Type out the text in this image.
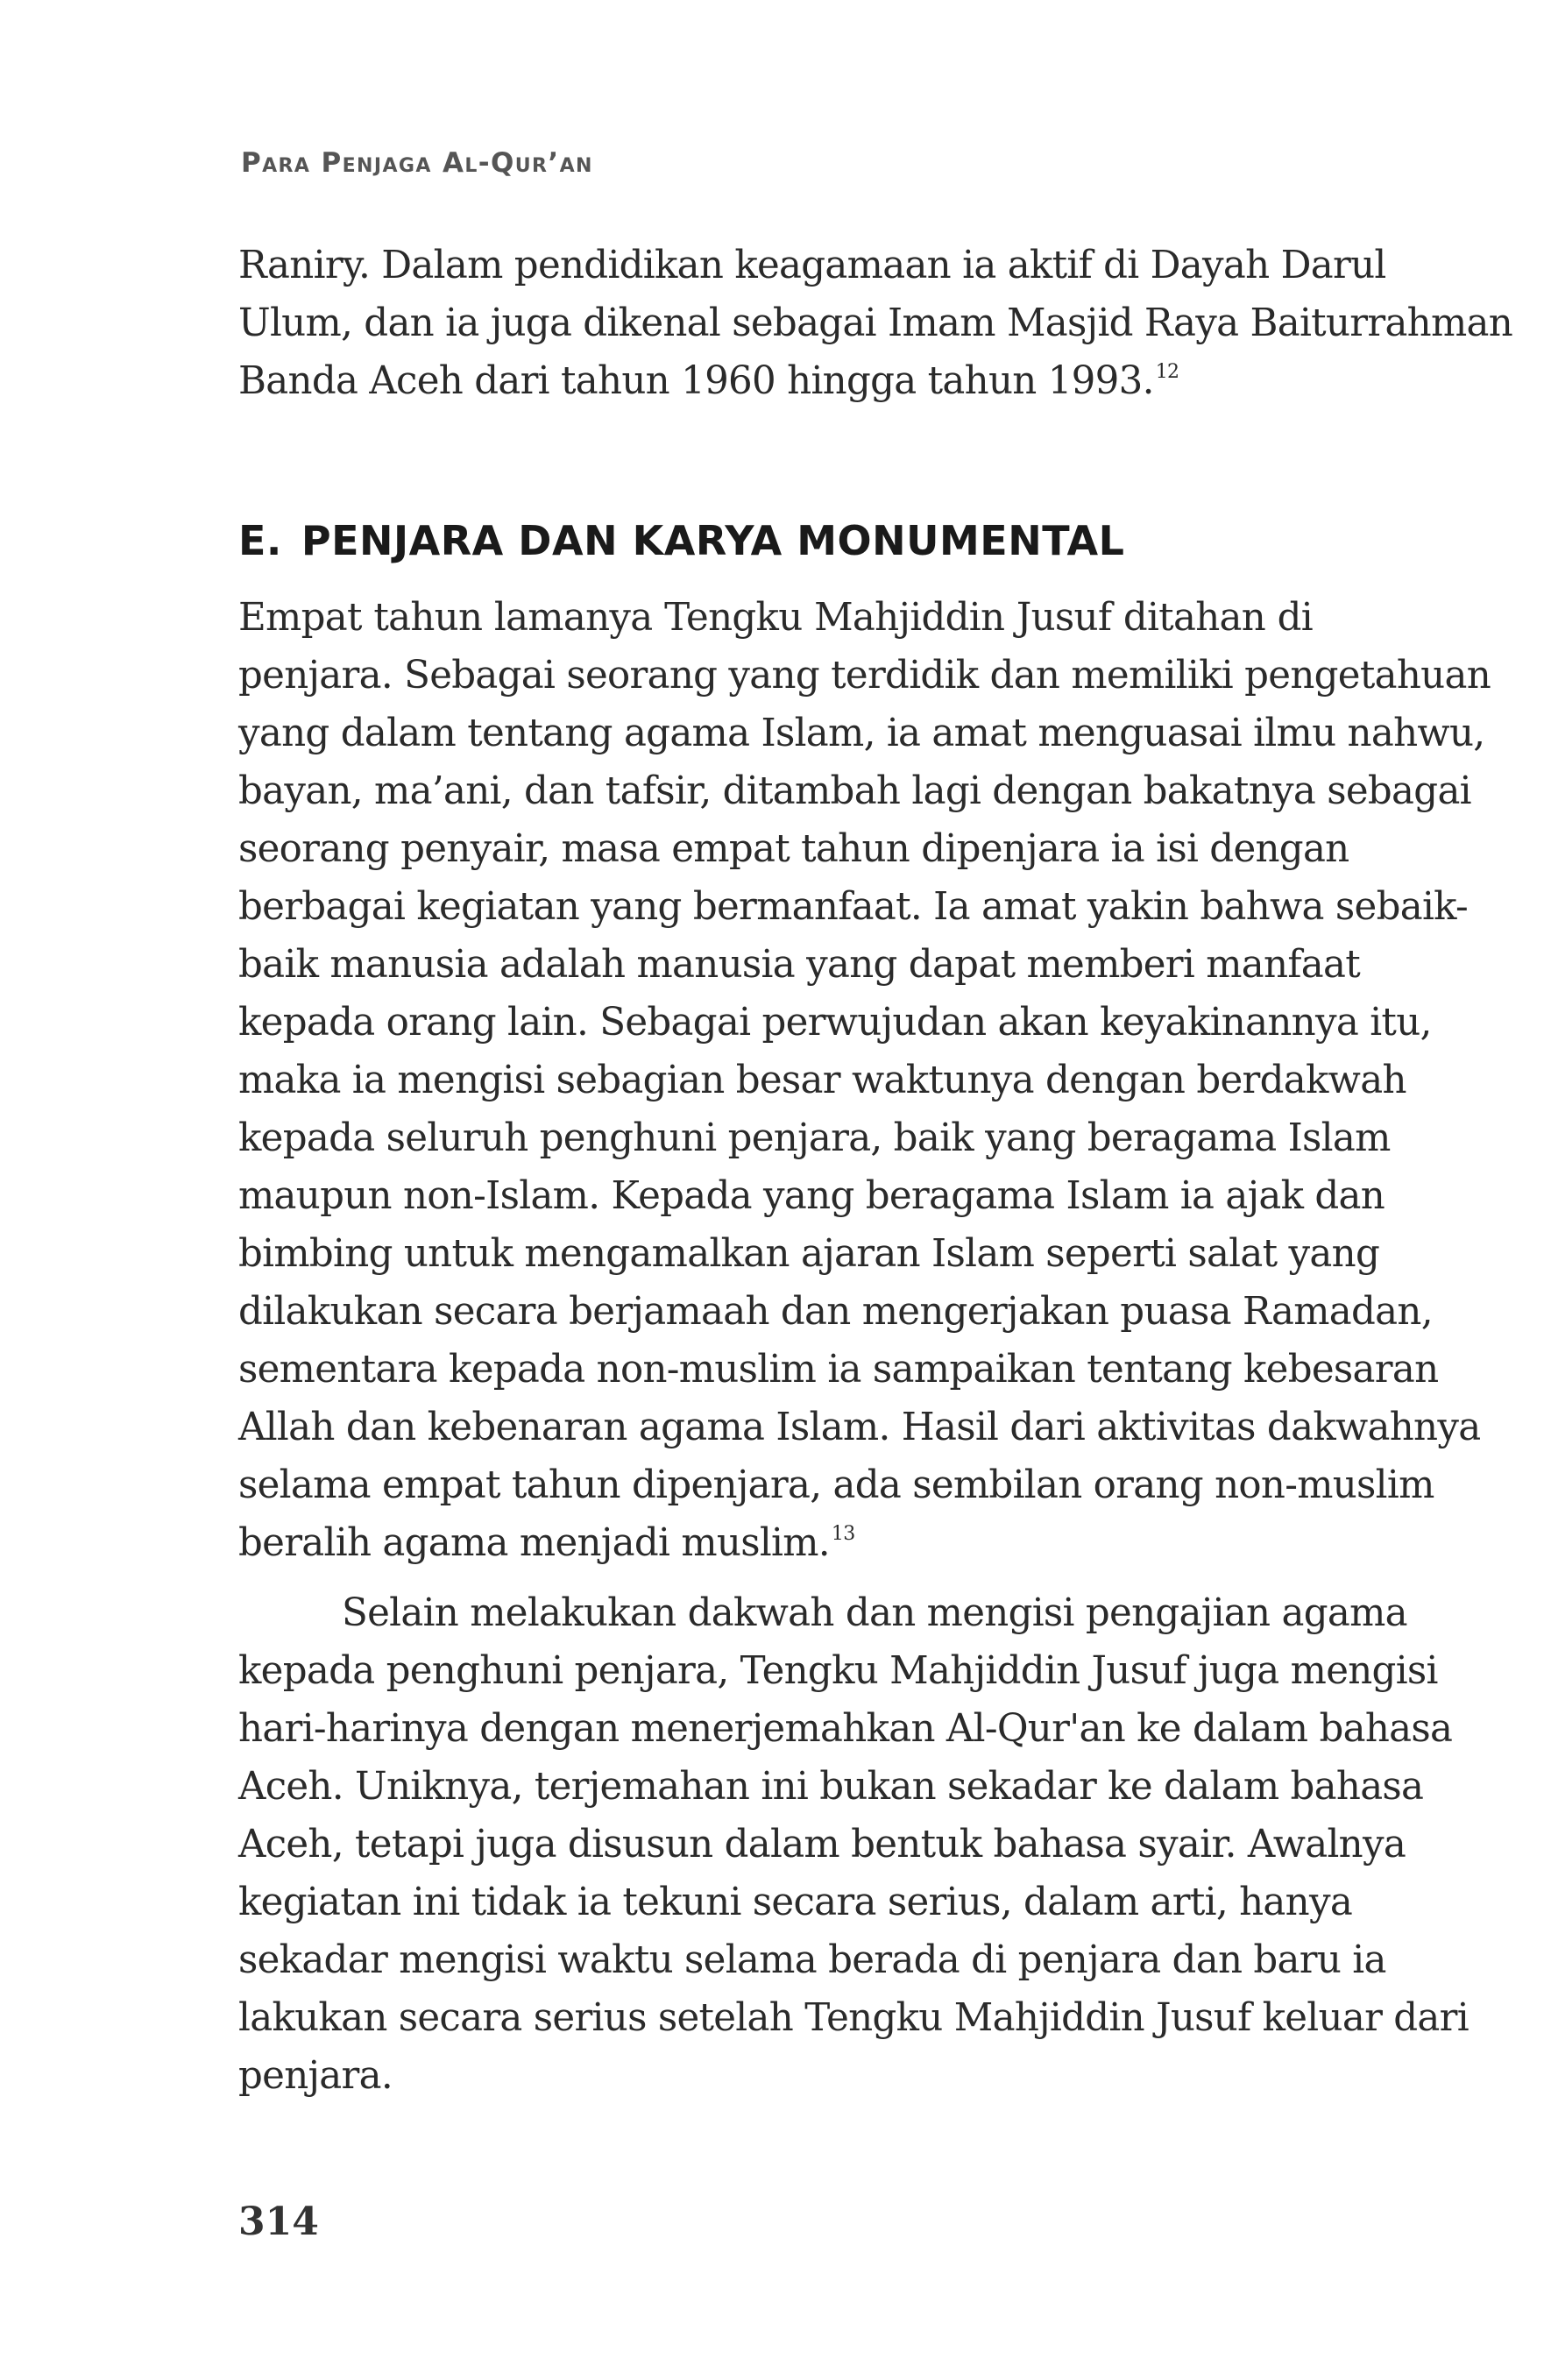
Para Penjaga Al-Qur’an
Raniry. Dalam pendidikan keagamaan ia aktif di Dayah Darul
Ulum, dan ia juga dikenal sebagai Imam Masjid Raya Baiturrahman
Banda Aceh dari tahun 1960 hingga tahun 1993.12
E. PENJARA DAN KARYA MONUMENTAL
Empat tahun lamanya Tengku Mahjiddin Jusuf ditahan di
penjara. Sebagai seorang yang terdidik dan memiliki pengetahuan
yang dalam tentang agama Islam, ia amat menguasai ilmu nahwu,
bayan, ma’ani, dan tafsir, ditambah lagi dengan bakatnya sebagai
seorang penyair, masa empat tahun dipenjara ia isi dengan
berbagai kegiatan yang bermanfaat. Ia amat yakin bahwa sebaik-
baik manusia adalah manusia yang dapat memberi manfaat
kepada orang lain. Sebagai perwujudan akan keyakinannya itu,
maka ia mengisi sebagian besar waktunya dengan berdakwah
kepada seluruh penghuni penjara, baik yang beragama Islam
maupun non-Islam. Kepada yang beragama Islam ia ajak dan
bimbing untuk mengamalkan ajaran Islam seperti salat yang
dilakukan secara berjamaah dan mengerjakan puasa Ramadan,
sementara kepada non-muslim ia sampaikan tentang kebesaran
Allah dan kebenaran agama Islam. Hasil dari aktivitas dakwahnya
selama empat tahun dipenjara, ada sembilan orang non-muslim
beralih agama menjadi muslim.$^{13}$
Selain melakukan dakwah dan mengisi pengajian agama
kepada penghuni penjara, Tengku Mahjiddin Jusuf juga mengisi
hari-harinya dengan menerjemahkan Al-Qur'an ke dalam bahasa
Aceh. Uniknya, terjemahan ini bukan sekadar ke dalam bahasa
Aceh, tetapi juga disusun dalam bentuk bahasa syair. Awalnya
kegiatan ini tidak ia tekuni secara serius, dalam arti, hanya
sekadar mengisi waktu selama berada di penjara dan baru ia
lakukan secara serius setelah Tengku Mahjiddin Jusuf keluar dari
penjara.
314
